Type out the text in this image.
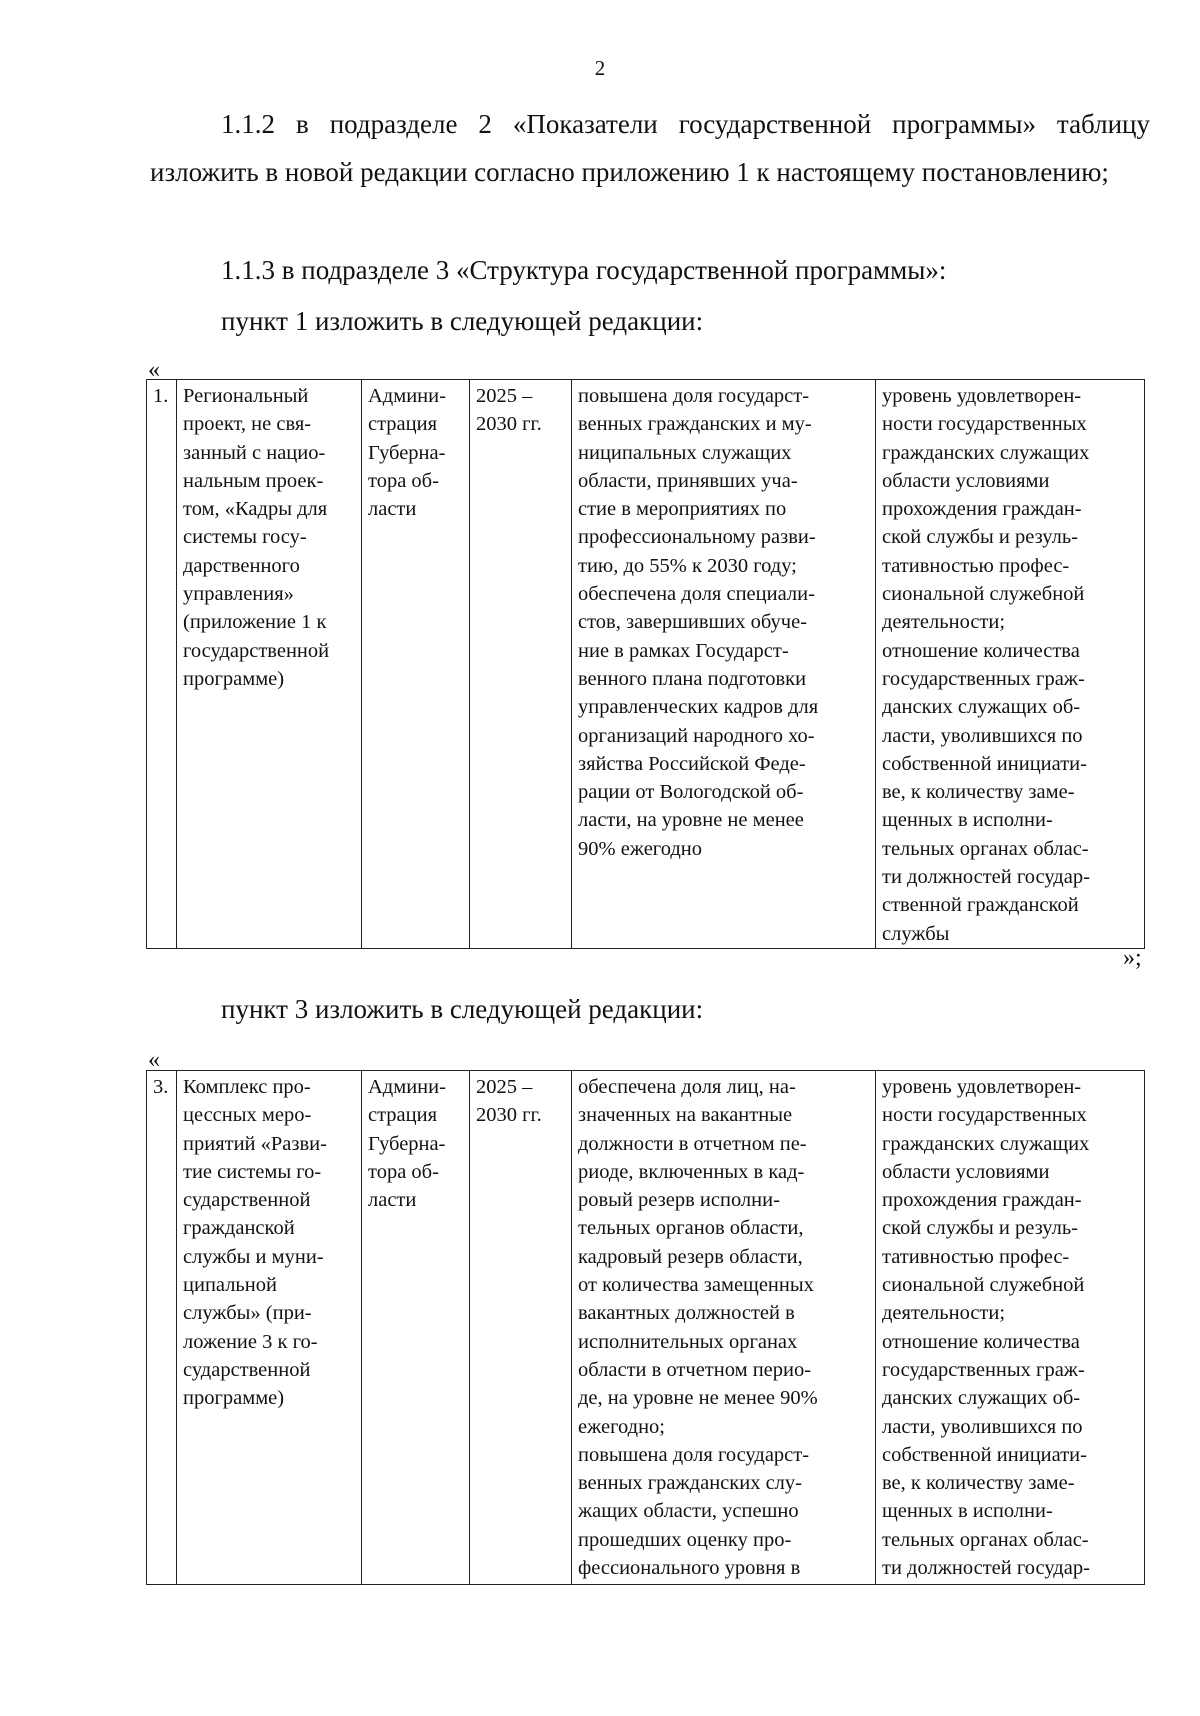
2

1.1.2 в подразделе 2 «Показатели государственной программы» таблицу изложить в новой редакции согласно приложению 1 к настоящему постановлению;

1.1.3 в подразделе 3 «Структура государственной программы»:

пункт 1 изложить в следующей редакции:

«
1.	Региональный
проект, не свя-
занный с нацио-
нальным проек-
том, «Кадры для
системы госу-
дарственного
управления»
(приложение 1 к
государственной
программе)	Админи-
страция
Губерна-
тора об-
ласти	2025 –
2030 гг.	повышена доля государст-
венных гражданских и му-
ниципальных служащих
области, принявших уча-
стие в мероприятиях по
профессиональному разви-
тию, до 55% к 2030 году;
обеспечена доля специали-
стов, завершивших обуче-
ние в рамках Государст-
венного плана подготовки
управленческих кадров для
организаций народного хо-
зяйства Российской Феде-
рации от Вологодской об-
ласти, на уровне не менее
90% ежегодно	уровень удовлетворен-
ности государственных
гражданских служащих
области условиями
прохождения граждан-
ской службы и резуль-
тативностью профес-
сиональной служебной
деятельности;
отношение количества
государственных граж-
данских служащих об-
ласти, уволившихся по
собственной инициати-
ве, к количеству заме-
щенных в исполни-
тельных органах облас-
ти должностей государ-
ственной гражданской
службы
»;

пункт 3 изложить в следующей редакции:

«
3.	Комплекс про-
цессных меро-
приятий «Разви-
тие системы го-
сударственной
гражданской
службы и муни-
ципальной
службы» (при-
ложение 3 к го-
сударственной
программе)	Админи-
страция
Губерна-
тора об-
ласти	2025 –
2030 гг.	обеспечена доля лиц, на-
значенных на вакантные
должности в отчетном пе-
риоде, включенных в кад-
ровый резерв исполни-
тельных органов области,
кадровый резерв области,
от количества замещенных
вакантных должностей в
исполнительных органах
области в отчетном перио-
де, на уровне не менее 90%
ежегодно;
повышена доля государст-
венных гражданских слу-
жащих области, успешно
прошедших оценку про-
фессионального уровня в	уровень удовлетворен-
ности государственных
гражданских служащих
области условиями
прохождения граждан-
ской службы и резуль-
тативностью профес-
сиональной служебной
деятельности;
отношение количества
государственных граж-
данских служащих об-
ласти, уволившихся по
собственной инициати-
ве, к количеству заме-
щенных в исполни-
тельных органах облас-
ти должностей государ-
